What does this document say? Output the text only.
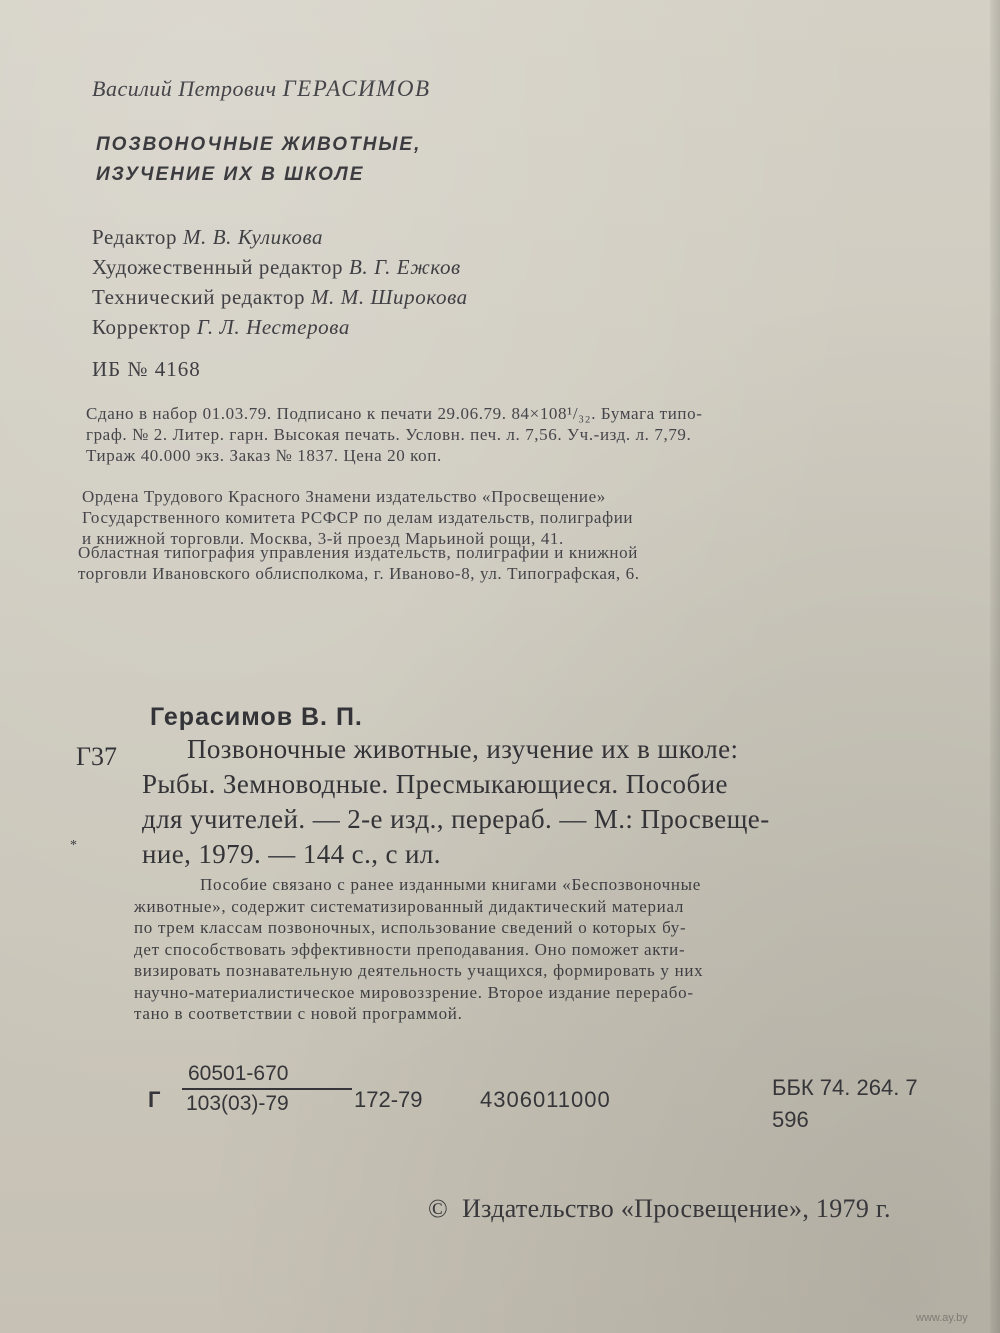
Василий Петрович ГЕРАСИМОВ
ПОЗВОНОЧНЫЕ ЖИВОТНЫЕ,
ИЗУЧЕНИЕ ИХ В ШКОЛЕ
Редактор М. В. Куликова
Художественный редактор В. Г. Ежков
Технический редактор М. М. Широкова
Корректор Г. Л. Нестерова
ИБ № 4168
Сдано в набор 01.03.79. Подписано к печати 29.06.79. 84×108¹/₃₂. Бумага типо-
граф. № 2. Литер. гарн. Высокая печать. Условн. печ. л. 7,56. Уч.-изд. л. 7,79.
Тираж 40.000 экз. Заказ № 1837. Цена 20 коп.
Ордена Трудового Красного Знамени издательство «Просвещение»
Государственного комитета РСФСР по делам издательств, полиграфии
и книжной торговли. Москва, 3-й проезд Марьиной рощи, 41.
Областная типография управления издательств, полиграфии и книжной
торговли Ивановского облисполкома, г. Иваново-8, ул. Типографская, 6.
Герасимов В. П.
Г37	Позвоночные животные, изучение их в школе:
Рыбы. Земноводные. Пресмыкающиеся. Пособие
для учителей. — 2-е изд., перераб. — М.: Просвеще-
ние, 1979. — 144 с., с ил.
*
Пособие связано с ранее изданными книгами «Беспозвоночные
животные», содержит систематизированный дидактический материал
по трем классам позвоночных, использование сведений о которых бу-
дет способствовать эффективности преподавания. Оно поможет акти-
визировать познавательную деятельность учащихся, формировать у них
научно-материалистическое мировоззрение. Второе издание перерабо-
тано в соответствии с новой программой.
Г
60501-670
103(03)-79	172-79	4306011000	ББК 74. 264. 7
596
© Издательство «Просвещение», 1979 г.
www.ay.by
